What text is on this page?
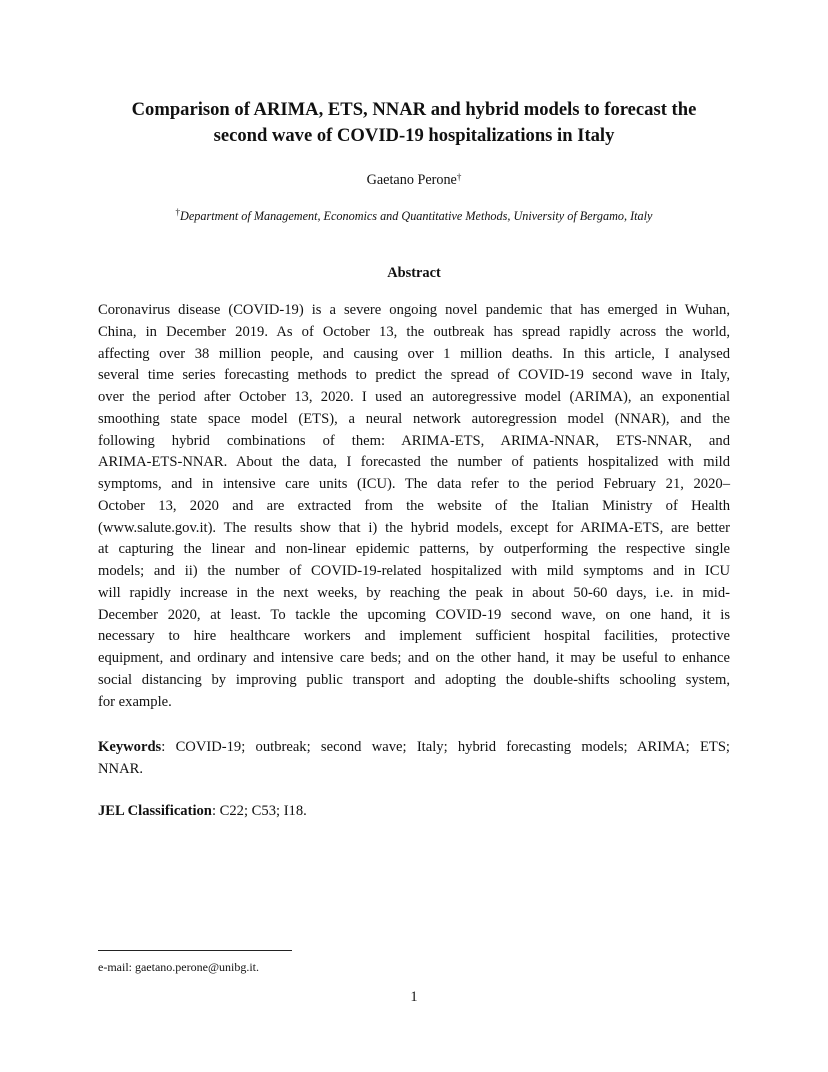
Comparison of ARIMA, ETS, NNAR and hybrid models to forecast the
second wave of COVID-19 hospitalizations in Italy
Gaetano Perone†
†Department of Management, Economics and Quantitative Methods, University of Bergamo, Italy
Abstract

Coronavirus disease (COVID-19) is a severe ongoing novel pandemic that has emerged in Wuhan,
China, in December 2019. As of October 13, the outbreak has spread rapidly across the world,
affecting over 38 million people, and causing over 1 million deaths. In this article, I analysed
several time series forecasting methods to predict the spread of COVID-19 second wave in Italy,
over the period after October 13, 2020. I used an autoregressive model (ARIMA), an exponential
smoothing state space model (ETS), a neural network autoregression model (NNAR), and the
following hybrid combinations of them: ARIMA-ETS, ARIMA-NNAR, ETS-NNAR, and
ARIMA-ETS-NNAR. About the data, I forecasted the number of patients hospitalized with mild
symptoms, and in intensive care units (ICU). The data refer to the period February 21, 2020–
October 13, 2020 and are extracted from the website of the Italian Ministry of Health
(www.salute.gov.it). The results show that i) the hybrid models, except for ARIMA-ETS, are better
at capturing the linear and non-linear epidemic patterns, by outperforming the respective single
models; and ii) the number of COVID-19-related hospitalized with mild symptoms and in ICU
will rapidly increase in the next weeks, by reaching the peak in about 50-60 days, i.e. in mid-
December 2020, at least. To tackle the upcoming COVID-19 second wave, on one hand, it is
necessary to hire healthcare workers and implement sufficient hospital facilities, protective
equipment, and ordinary and intensive care beds; and on the other hand, it may be useful to enhance
social distancing by improving public transport and adopting the double-shifts schooling system,
for example.

Keywords: COVID-19; outbreak; second wave; Italy; hybrid forecasting models; ARIMA; ETS;
NNAR.

JEL Classification: C22; C53; I18.

e-mail: gaetano.perone@unibg.it.
1
